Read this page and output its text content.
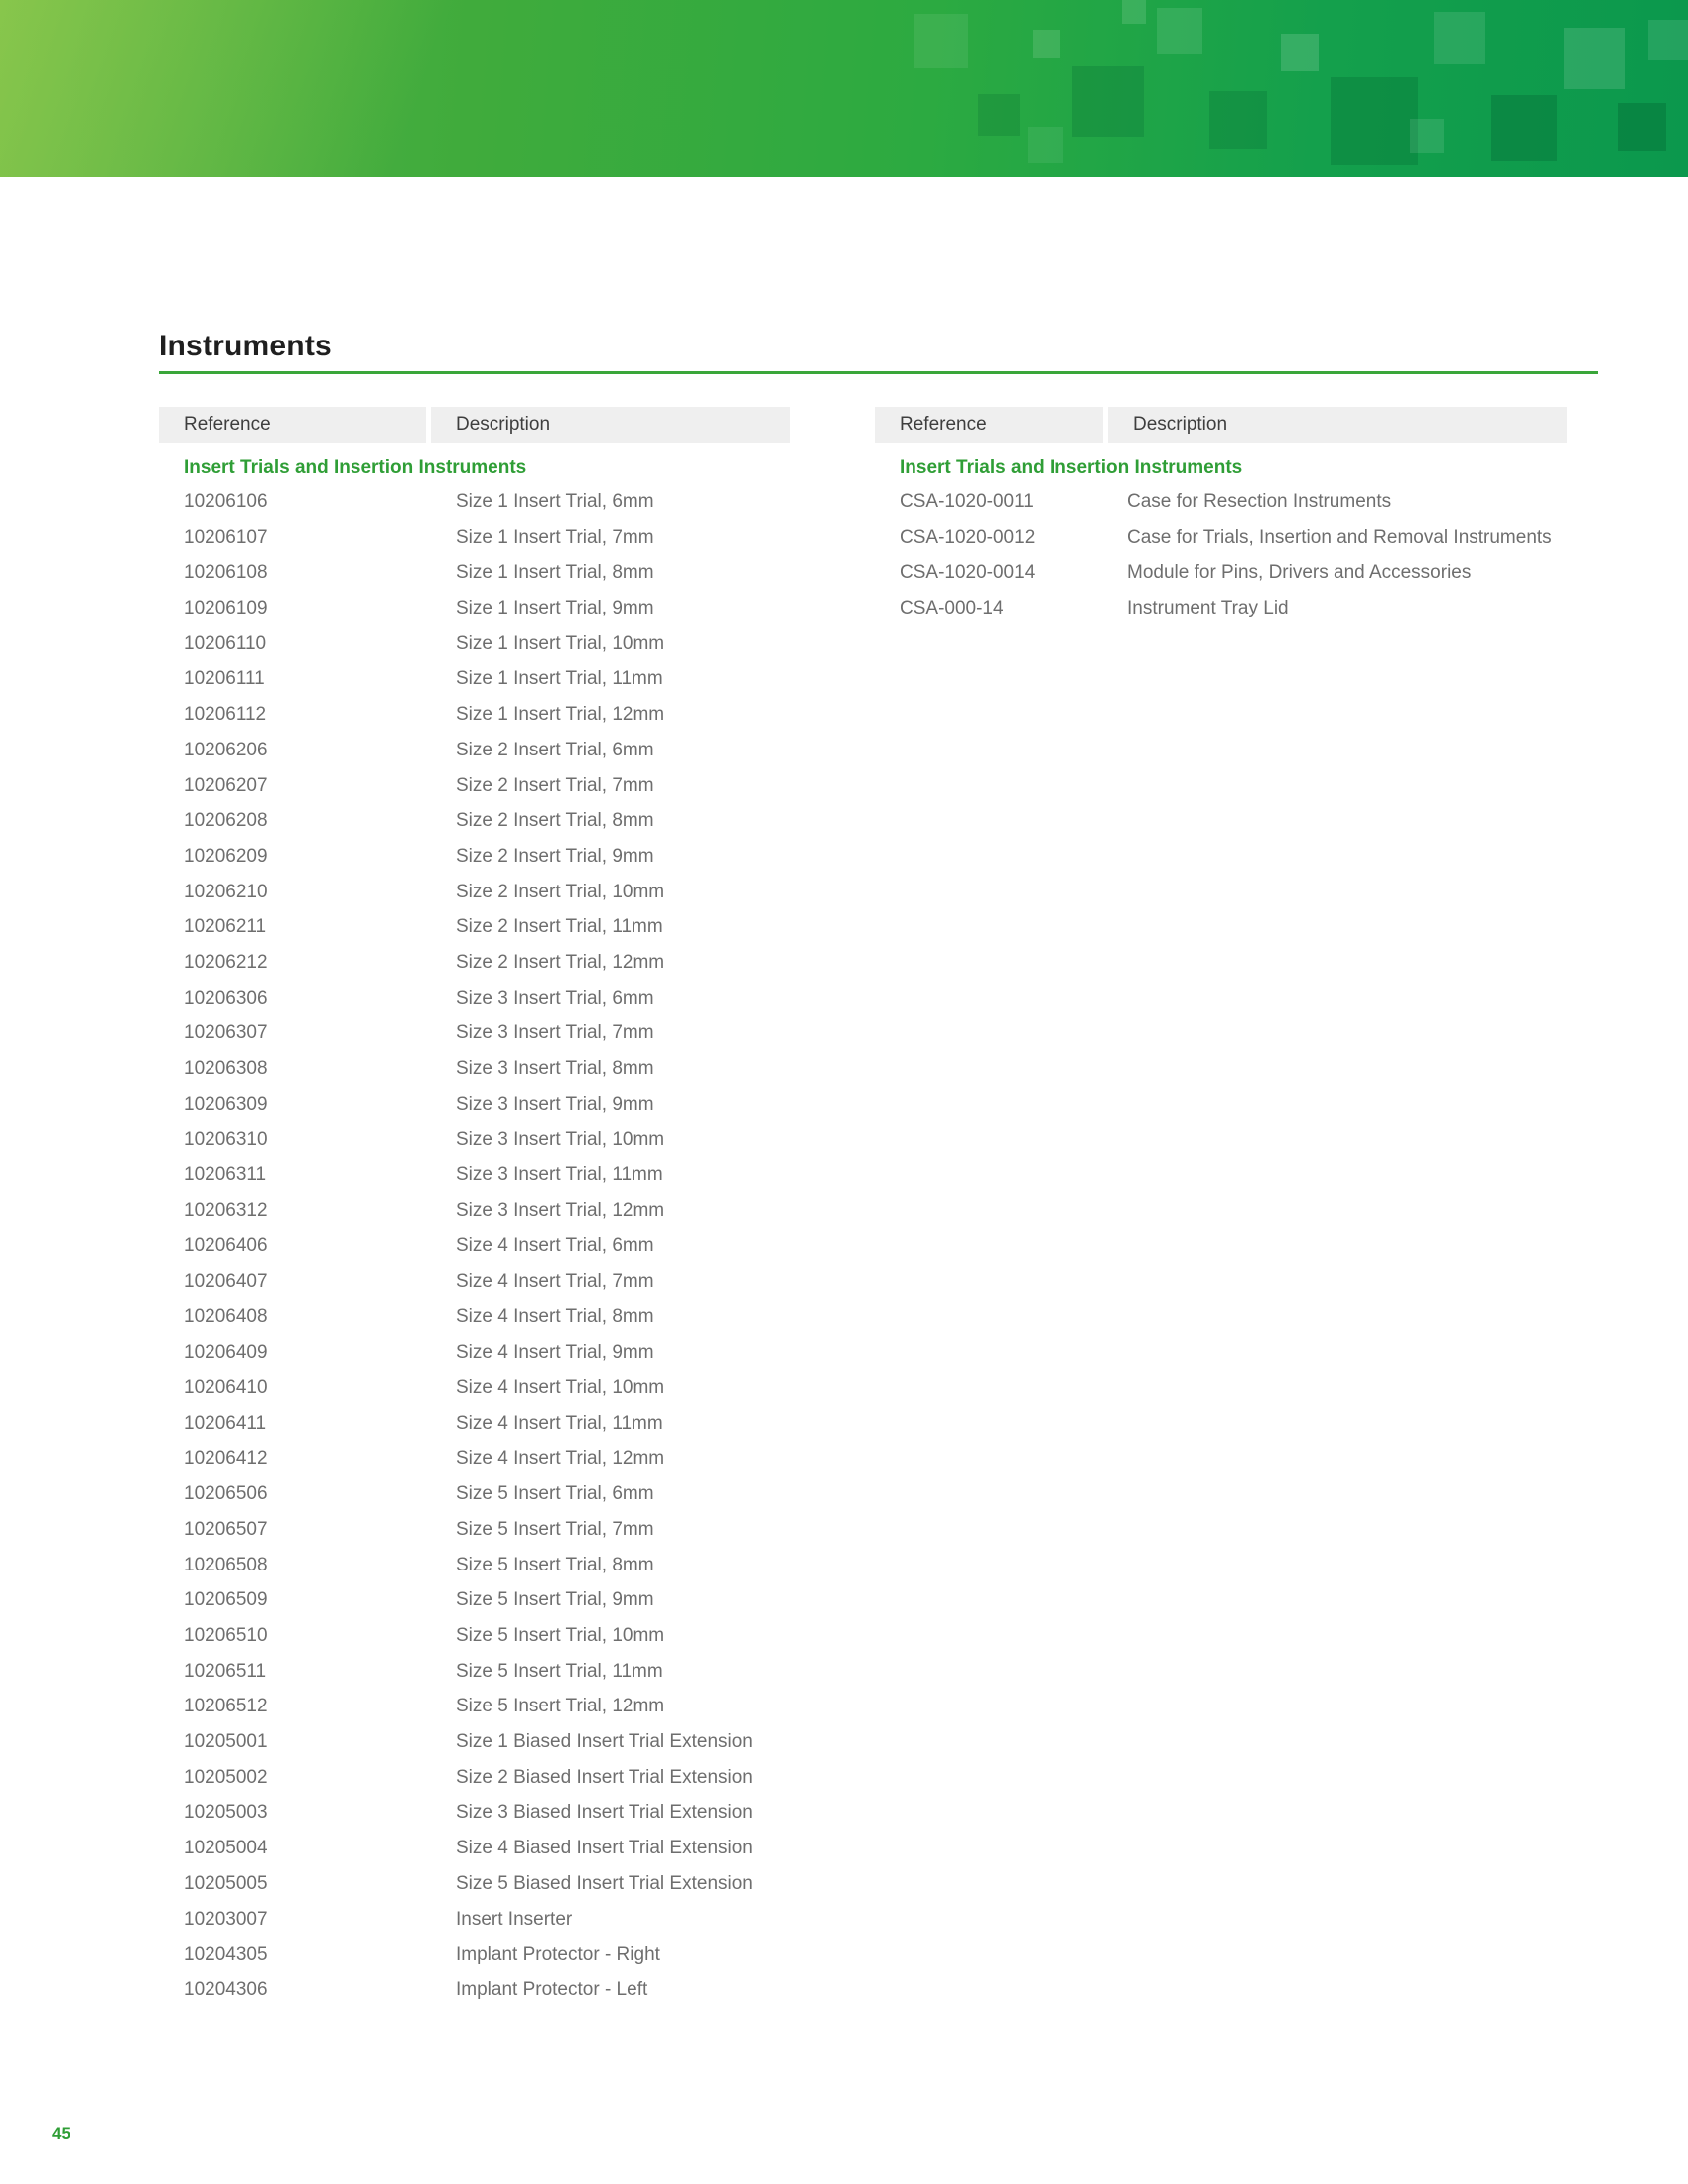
Instruments
Reference	Description
Insert Trials and Insertion Instruments
10206106	Size 1 Insert Trial, 6mm
10206107	Size 1 Insert Trial, 7mm
10206108	Size 1 Insert Trial, 8mm
10206109	Size 1 Insert Trial, 9mm
10206110	Size 1 Insert Trial, 10mm
10206111	Size 1 Insert Trial, 11mm
10206112	Size 1 Insert Trial, 12mm
10206206	Size 2 Insert Trial, 6mm
10206207	Size 2 Insert Trial, 7mm
10206208	Size 2 Insert Trial, 8mm
10206209	Size 2 Insert Trial, 9mm
10206210	Size 2 Insert Trial, 10mm
10206211	Size 2 Insert Trial, 11mm
10206212	Size 2 Insert Trial, 12mm
10206306	Size 3 Insert Trial, 6mm
10206307	Size 3 Insert Trial, 7mm
10206308	Size 3 Insert Trial, 8mm
10206309	Size 3 Insert Trial, 9mm
10206310	Size 3 Insert Trial, 10mm
10206311	Size 3 Insert Trial, 11mm
10206312	Size 3 Insert Trial, 12mm
10206406	Size 4 Insert Trial, 6mm
10206407	Size 4 Insert Trial, 7mm
10206408	Size 4 Insert Trial, 8mm
10206409	Size 4 Insert Trial, 9mm
10206410	Size 4 Insert Trial, 10mm
10206411	Size 4 Insert Trial, 11mm
10206412	Size 4 Insert Trial, 12mm
10206506	Size 5 Insert Trial, 6mm
10206507	Size 5 Insert Trial, 7mm
10206508	Size 5 Insert Trial, 8mm
10206509	Size 5 Insert Trial, 9mm
10206510	Size 5 Insert Trial, 10mm
10206511	Size 5 Insert Trial, 11mm
10206512	Size 5 Insert Trial, 12mm
10205001	Size 1 Biased Insert Trial Extension
10205002	Size 2 Biased Insert Trial Extension
10205003	Size 3 Biased Insert Trial Extension
10205004	Size 4 Biased Insert Trial Extension
10205005	Size 5 Biased Insert Trial Extension
10203007	Insert Inserter
10204305	Implant Protector - Right
10204306	Implant Protector - Left
Reference	Description
Insert Trials and Insertion Instruments
CSA-1020-0011	Case for Resection Instruments
CSA-1020-0012	Case for Trials, Insertion and Removal Instruments
CSA-1020-0014	Module for Pins, Drivers and Accessories
CSA-000-14	Instrument Tray Lid
45
